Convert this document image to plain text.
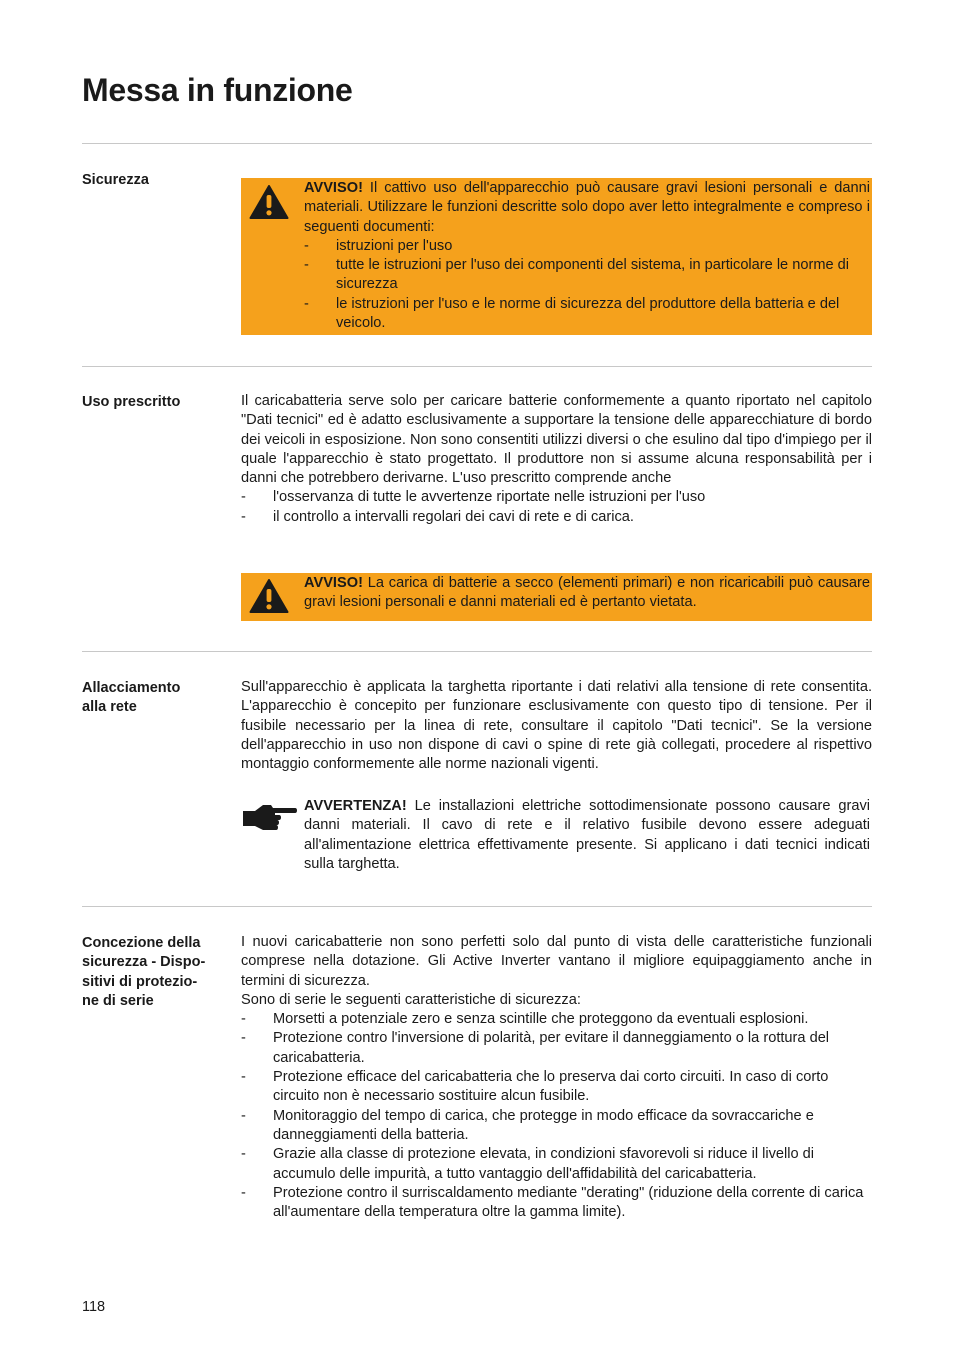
Messa in funzione
Sicurezza	AVVISO! Il cattivo uso dell'apparecchio può causare gravi lesioni personali e danni materiali. Utilizzare le funzioni descritte solo dopo aver letto integralmente e compreso i seguenti documenti:

- istruzioni per l'uso
- tutte le istruzioni per l'uso dei componenti del sistema, in particolare le norme di sicurezza
- le istruzioni per l'uso e le norme di sicurezza del produttore della batteria e del veicolo.
Uso prescritto	Il caricabatteria serve solo per caricare batterie conformemente a quanto riportato nel capitolo "Dati tecnici" ed è adatto esclusivamente a supportare la tensione delle apparecchiature di bordo dei veicoli in esposizione. Non sono consentiti utilizzi diversi o che esulino dal tipo d'impiego per il quale l'apparecchio è stato progettato. Il produttore non si assume alcuna responsabilità per i danni che potrebbero derivarne. L'uso prescritto comprende anche

- l'osservanza di tutte le avvertenze riportate nelle istruzioni per l'uso
- il controllo a intervalli regolari dei cavi di rete e di carica.

AVVISO! La carica di batterie a secco (elementi primari) e non ricaricabili può causare gravi lesioni personali e danni materiali ed è pertanto vietata.

Allacciamento
alla rete

Sull'apparecchio è applicata la targhetta riportante i dati relativi alla tensione di rete consentita. L'apparecchio è concepito per funzionare esclusivamente con questo tipo di tensione. Per il fusibile necessario per la linea di rete, consultare il capitolo "Dati tecnici". Se la versione dell'apparecchio in uso non dispone di cavi o spine di rete già collegati, procedere al rispettivo montaggio conformemente alle norme nazionali vigenti.

AVVERTENZA! Le installazioni elettriche sottodimensionate possono causare gravi danni materiali. Il cavo di rete e il relativo fusibile devono essere adeguati all'alimentazione elettrica effettivamente presente. Si applicano i dati tecnici indicati sulla targhetta.

Concezione della
sicurezza - Dispo-
sitivi di protezio-
ne di serie

I nuovi caricabatterie non sono perfetti solo dal punto di vista delle caratteristiche funzionali comprese nella dotazione. Gli Active Inverter vantano il migliore equipaggiamento anche in termini di sicurezza.

Sono di serie le seguenti caratteristiche di sicurezza:

- Morsetti a potenziale zero e senza scintille che proteggono da eventuali esplosioni.
- Protezione contro l'inversione di polarità, per evitare il danneggiamento o la rottura del caricabatteria.
- Protezione efficace del caricabatteria che lo preserva dai corto circuiti. In caso di corto circuito non è necessario sostituire alcun fusibile.
- Monitoraggio del tempo di carica, che protegge in modo efficace da sovraccariche e danneggiamenti della batteria.
- Grazie alla classe di protezione elevata, in condizioni sfavorevoli si riduce il livello di accumulo delle impurità, a tutto vantaggio dell'affidabilità del caricabatteria.
- Protezione contro il surriscaldamento mediante "derating" (riduzione della corrente di carica all'aumentare della temperatura oltre la gamma limite).
118
